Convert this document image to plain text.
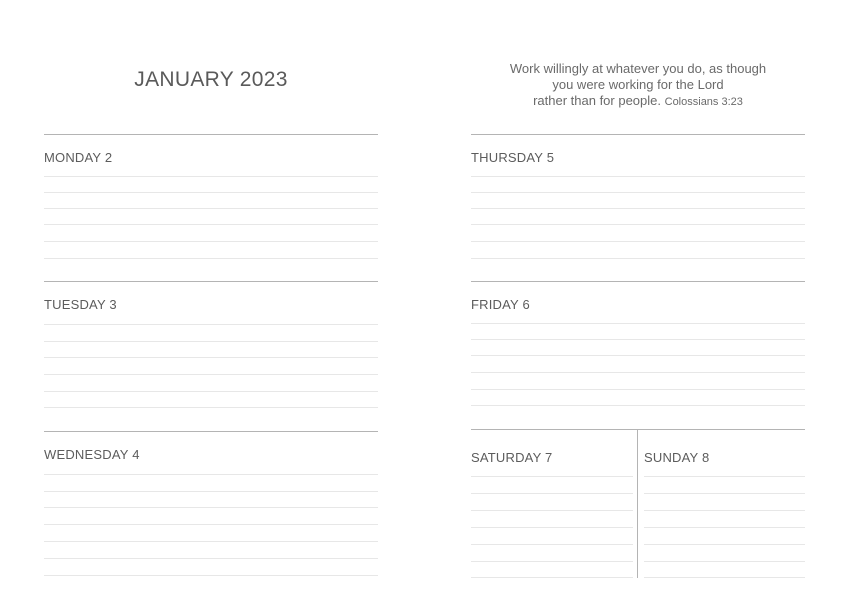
JANUARY 2023
MONDAY 2
TUESDAY 3
WEDNESDAY 4
Work willingly at whatever you do, as though
you were working for the Lord
rather than for people. Colossians 3:23
THURSDAY 5
FRIDAY 6
SATURDAY 7	SUNDAY 8
